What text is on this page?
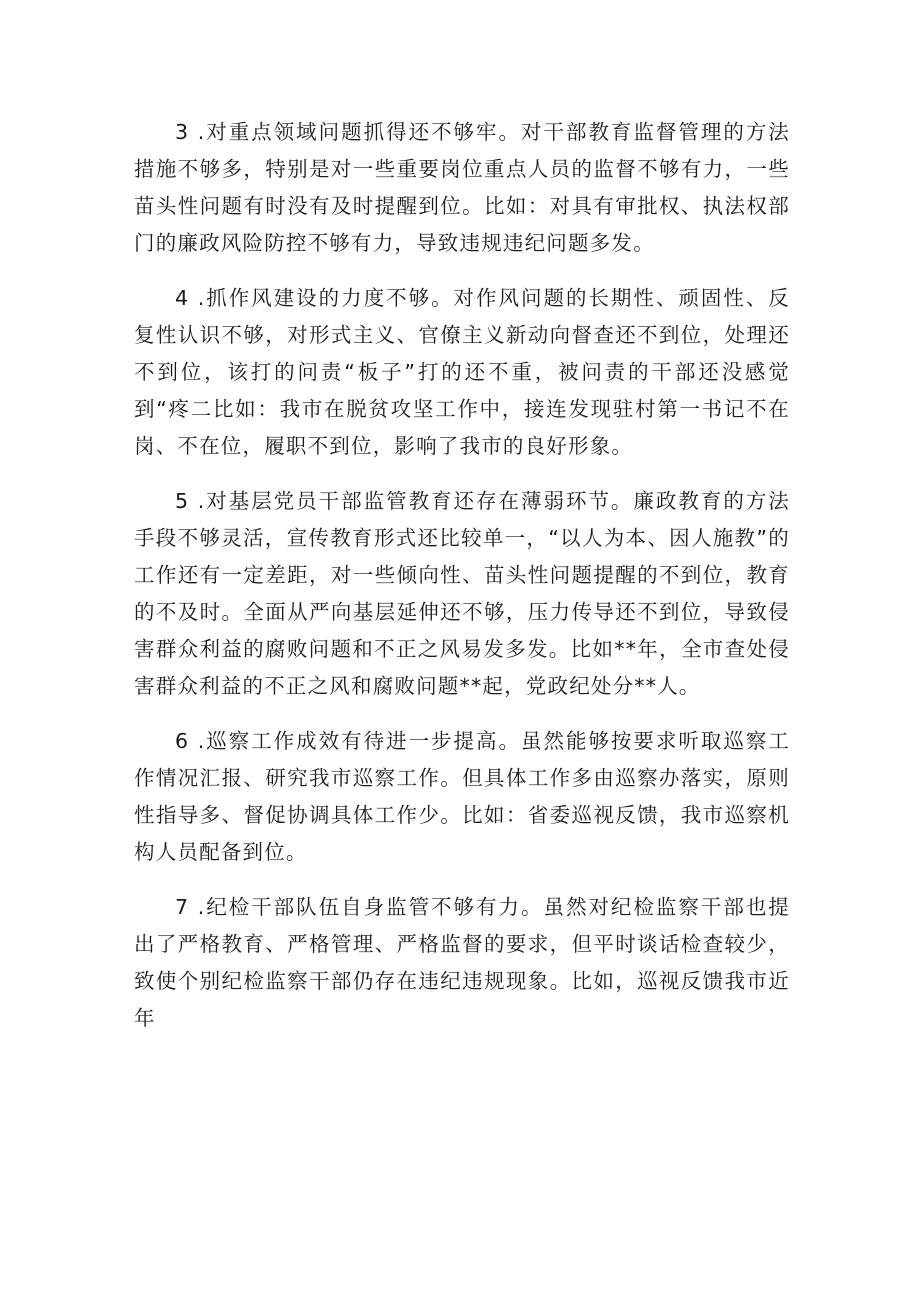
3 .对重点领域问题抓得还不够牢。对干部教育监督管理的方法措施不够多，特别是对一些重要岗位重点人员的监督不够有力，一些苗头性问题有时没有及时提醒到位。比如：对具有审批权、执法权部门的廉政风险防控不够有力，导致违规违纪问题多发。

4 .抓作风建设的力度不够。对作风问题的长期性、顽固性、反复性认识不够，对形式主义、官僚主义新动向督查还不到位，处理还不到位，该打的问责“板子”打的还不重，被问责的干部还没感觉到“疼二比如：我市在脱贫攻坚工作中，接连发现驻村第一书记不在岗、不在位，履职不到位，影响了我市的良好形象。

5 .对基层党员干部监管教育还存在薄弱环节。廉政教育的方法手段不够灵活，宣传教育形式还比较单一，“以人为本、因人施教”的工作还有一定差距，对一些倾向性、苗头性问题提醒的不到位，教育的不及时。全面从严向基层延伸还不够，压力传导还不到位，导致侵害群众利益的腐败问题和不正之风易发多发。比如**年，全市查处侵害群众利益的不正之风和腐败问题**起，党政纪处分**人。

6 .巡察工作成效有待进一步提高。虽然能够按要求听取巡察工作情况汇报、研究我市巡察工作。但具体工作多由巡察办落实，原则性指导多、督促协调具体工作少。比如：省委巡视反馈，我市巡察机构人员配备到位。

7 .纪检干部队伍自身监管不够有力。虽然对纪检监察干部也提出了严格教育、严格管理、严格监督的要求，但平时谈话检查较少，致使个别纪检监察干部仍存在违纪违规现象。比如，巡视反馈我市近年
